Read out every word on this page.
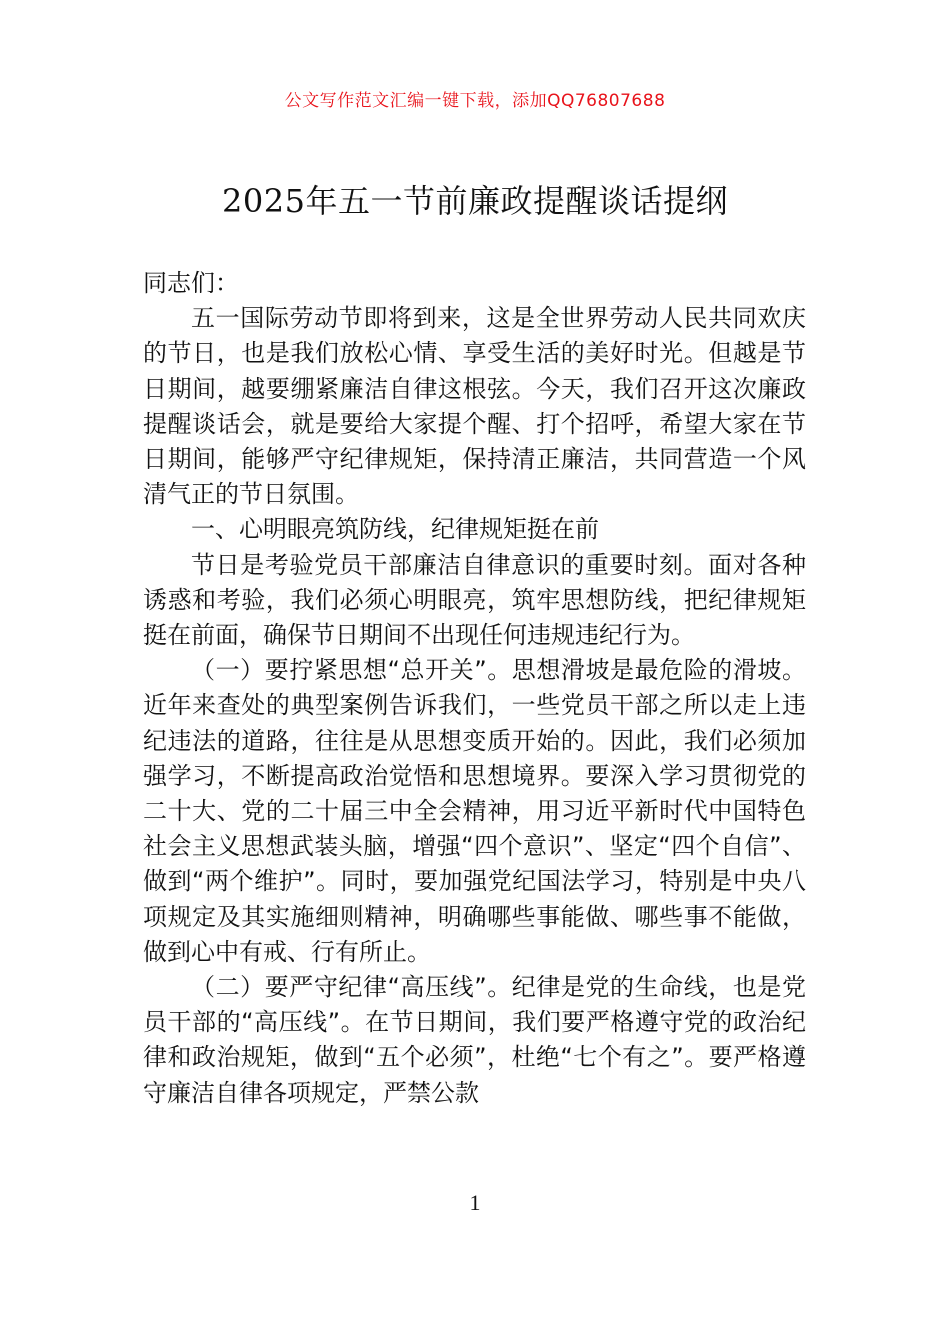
公文写作范文汇编一键下载，添加QQ76807688
2025年五一节前廉政提醒谈话提纲

同志们：

五一国际劳动节即将到来，这是全世界劳动人民共同欢庆的节日，也是我们放松心情、享受生活的美好时光。但越是节日期间，越要绷紧廉洁自律这根弦。今天，我们召开这次廉政提醒谈话会，就是要给大家提个醒、打个招呼，希望大家在节日期间，能够严守纪律规矩，保持清正廉洁，共同营造一个风清气正的节日氛围。

一、心明眼亮筑防线，纪律规矩挺在前

节日是考验党员干部廉洁自律意识的重要时刻。面对各种诱惑和考验，我们必须心明眼亮，筑牢思想防线，把纪律规矩挺在前面，确保节日期间不出现任何违规违纪行为。

（一）要拧紧思想“总开关”。思想滑坡是最危险的滑坡。近年来查处的典型案例告诉我们，一些党员干部之所以走上违纪违法的道路，往往是从思想变质开始的。因此，我们必须加强学习，不断提高政治觉悟和思想境界。要深入学习贯彻党的二十大、党的二十届三中全会精神，用习近平新时代中国特色社会主义思想武装头脑，增强“四个意识”、坚定“四个自信”、做到“两个维护”。同时，要加强党纪国法学习，特别是中央八项规定及其实施细则精神，明确哪些事能做、哪些事不能做，做到心中有戒、行有所止。

（二）要严守纪律“高压线”。纪律是党的生命线，也是党员干部的“高压线”。在节日期间，我们要严格遵守党的政治纪律和政治规矩，做到“五个必须”，杜绝“七个有之”。要严格遵守廉洁自律各项规定，严禁公款

1
